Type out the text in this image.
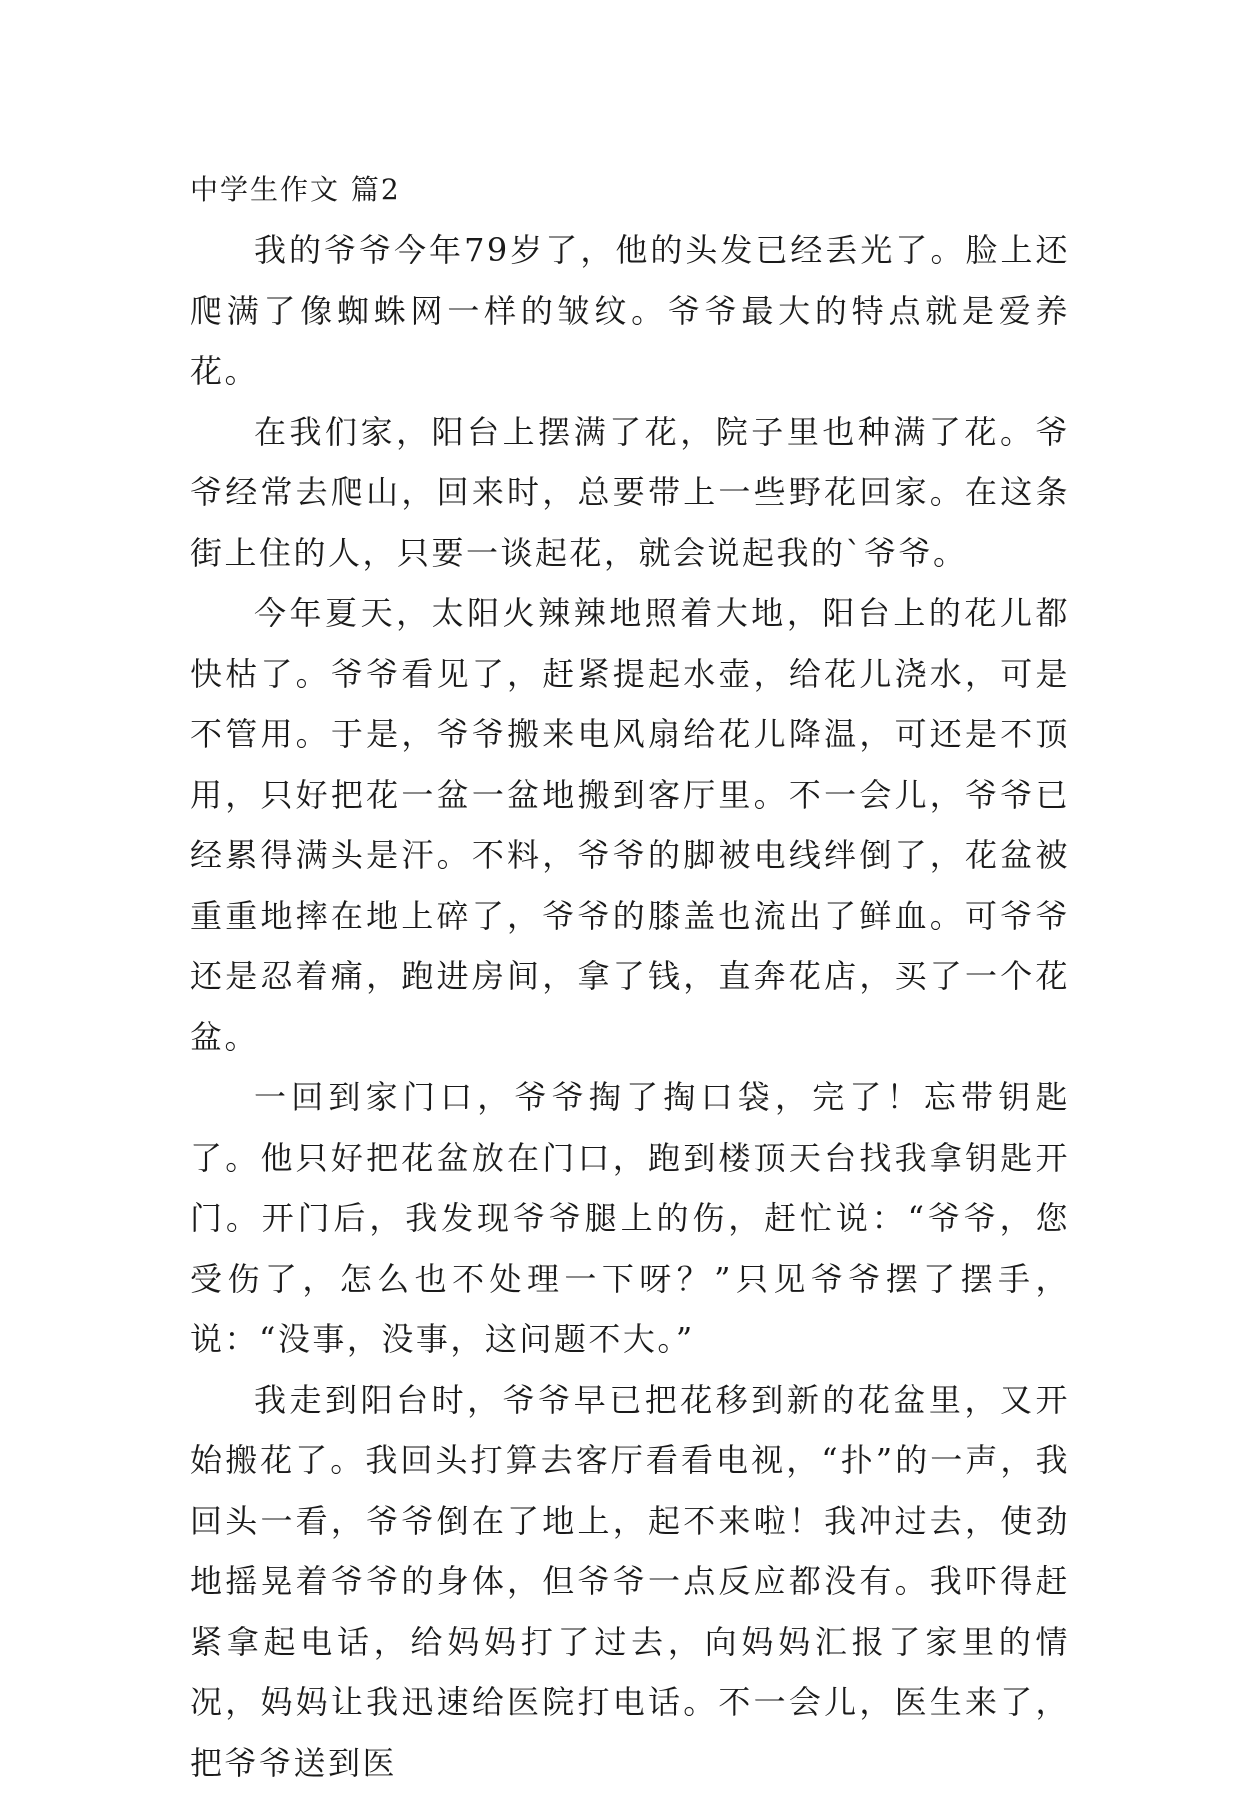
中学生作文 篇2

我的爷爷今年79岁了，他的头发已经丢光了。脸上还爬满了像蜘蛛网一样的皱纹。爷爷最大的特点就是爱养花。

在我们家，阳台上摆满了花，院子里也种满了花。爷爷经常去爬山，回来时，总要带上一些野花回家。在这条街上住的人，只要一谈起花，就会说起我的`爷爷。

今年夏天，太阳火辣辣地照着大地，阳台上的花儿都快枯了。爷爷看见了，赶紧提起水壶，给花儿浇水，可是不管用。于是，爷爷搬来电风扇给花儿降温，可还是不顶用，只好把花一盆一盆地搬到客厅里。不一会儿，爷爷已经累得满头是汗。不料，爷爷的脚被电线绊倒了，花盆被重重地摔在地上碎了，爷爷的膝盖也流出了鲜血。可爷爷还是忍着痛，跑进房间，拿了钱，直奔花店，买了一个花盆。

一回到家门口，爷爷掏了掏口袋，完了！忘带钥匙了。他只好把花盆放在门口，跑到楼顶天台找我拿钥匙开门。开门后，我发现爷爷腿上的伤，赶忙说：“爷爷，您受伤了，怎么也不处理一下呀？”只见爷爷摆了摆手，说：“没事，没事，这问题不大。”

我走到阳台时，爷爷早已把花移到新的花盆里，又开始搬花了。我回头打算去客厅看看电视，“扑”的一声，我回头一看，爷爷倒在了地上，起不来啦！我冲过去，使劲地摇晃着爷爷的身体，但爷爷一点反应都没有。我吓得赶紧拿起电话，给妈妈打了过去，向妈妈汇报了家里的情况，妈妈让我迅速给医院打电话。不一会儿，医生来了，把爷爷送到医
